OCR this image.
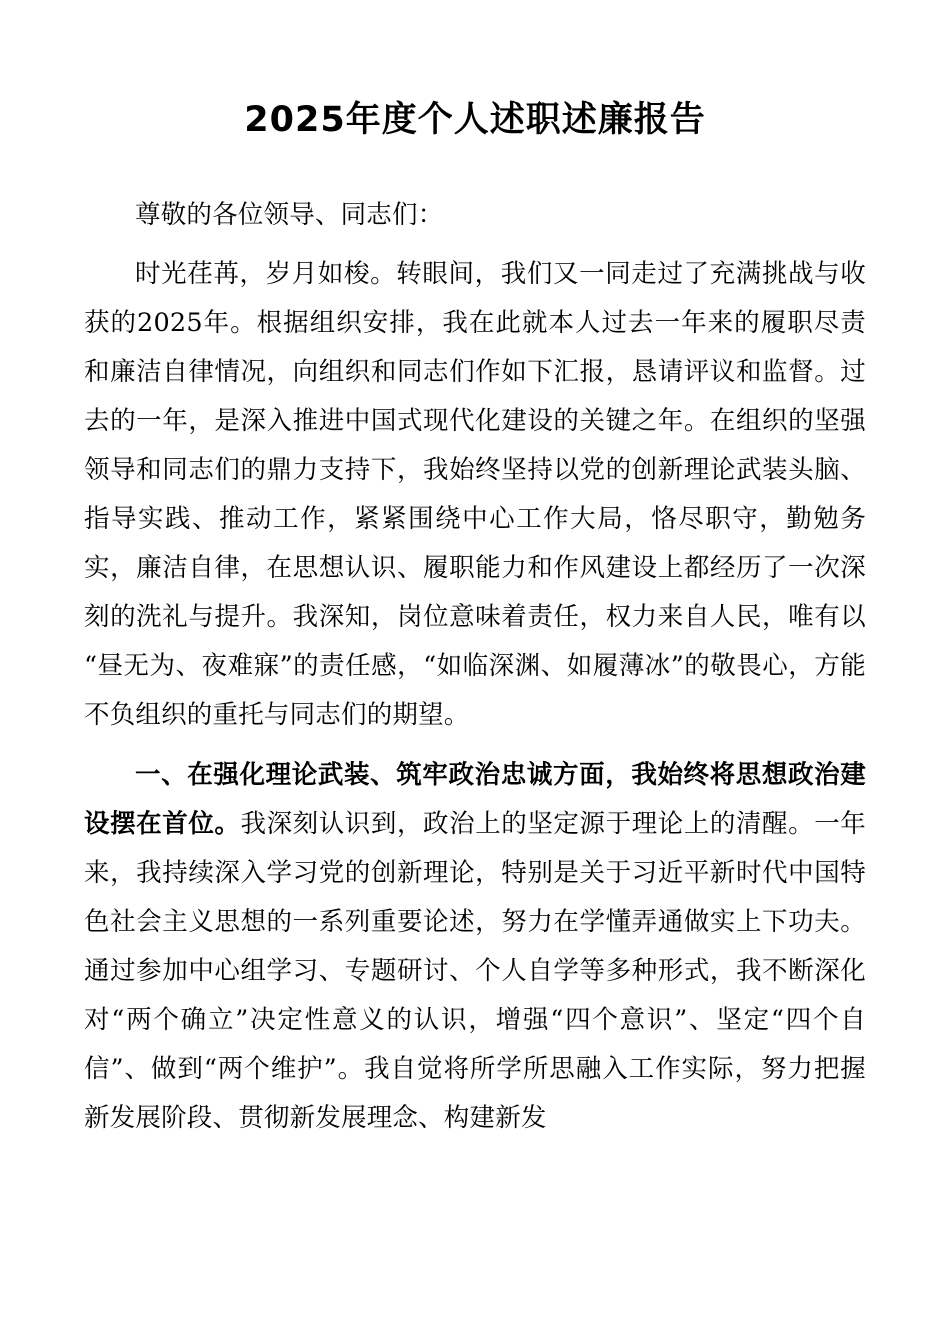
2025年度个人述职述廉报告

尊敬的各位领导、同志们：

时光荏苒，岁月如梭。转眼间，我们又一同走过了充满挑战与收获的2025年。根据组织安排，我在此就本人过去一年来的履职尽责和廉洁自律情况，向组织和同志们作如下汇报，恳请评议和监督。过去的一年，是深入推进中国式现代化建设的关键之年。在组织的坚强领导和同志们的鼎力支持下，我始终坚持以党的创新理论武装头脑、指导实践、推动工作，紧紧围绕中心工作大局，恪尽职守，勤勉务实，廉洁自律，在思想认识、履职能力和作风建设上都经历了一次深刻的洗礼与提升。我深知，岗位意味着责任，权力来自人民，唯有以“昼无为、夜难寐”的责任感，“如临深渊、如履薄冰”的敬畏心，方能不负组织的重托与同志们的期望。

一、在强化理论武装、筑牢政治忠诚方面，我始终将思想政治建设摆在首位。我深刻认识到，政治上的坚定源于理论上的清醒。一年来，我持续深入学习党的创新理论，特别是关于习近平新时代中国特色社会主义思想的一系列重要论述，努力在学懂弄通做实上下功夫。通过参加中心组学习、专题研讨、个人自学等多种形式，我不断深化对“两个确立”决定性意义的认识，增强“四个意识”、坚定“四个自信”、做到“两个维护”。我自觉将所学所思融入工作实际，努力把握新发展阶段、贯彻新发展理念、构建新发
